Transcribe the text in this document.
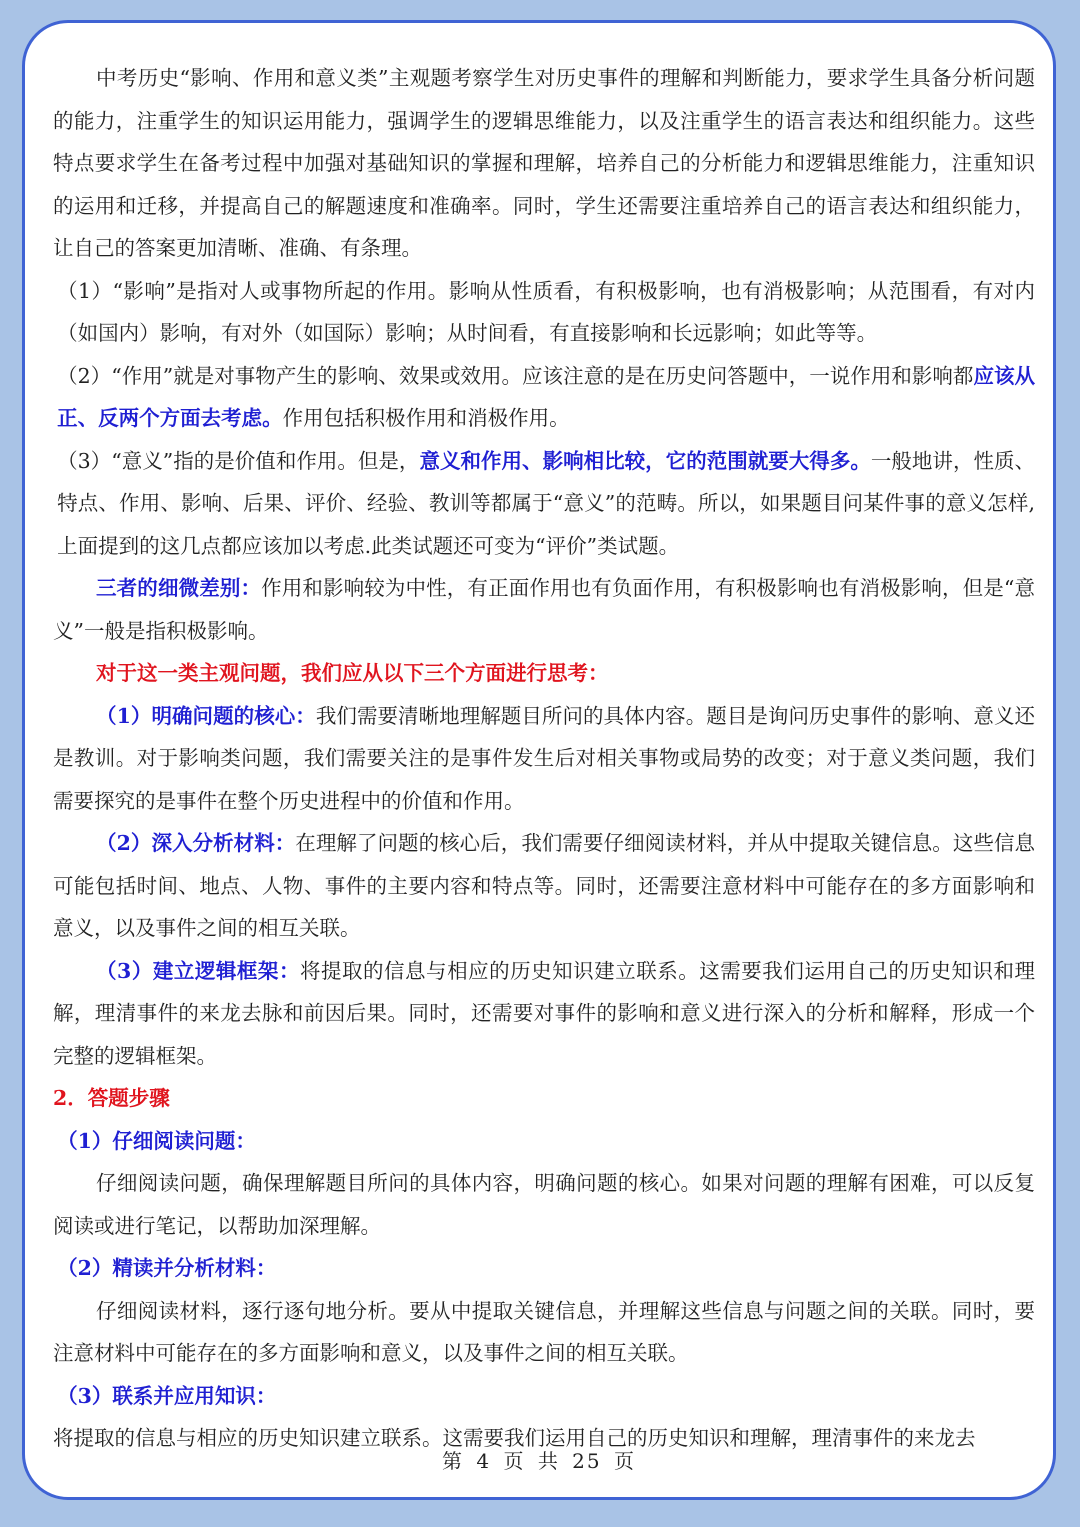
中考历史“影响、作用和意义类”主观题考察学生对历史事件的理解和判断能力，要求学生具备分析问题的能力，注重学生的知识运用能力，强调学生的逻辑思维能力，以及注重学生的语言表达和组织能力。这些特点要求学生在备考过程中加强对基础知识的掌握和理解，培养自己的分析能力和逻辑思维能力，注重知识的运用和迁移，并提高自己的解题速度和准确率。同时，学生还需要注重培养自己的语言表达和组织能力，让自己的答案更加清晰、准确、有条理。

（1）“影响”是指对人或事物所起的作用。影响从性质看，有积极影响，也有消极影响；从范围看，有对内（如国内）影响，有对外（如国际）影响；从时间看，有直接影响和长远影响；如此等等。

（2）“作用”就是对事物产生的影响、效果或效用。应该注意的是在历史问答题中，一说作用和影响都应该从正、反两个方面去考虑。作用包括积极作用和消极作用。

（3）“意义”指的是价值和作用。但是，意义和作用、影响相比较，它的范围就要大得多。一般地讲，性质、特点、作用、影响、后果、评价、经验、教训等都属于“意义”的范畴。所以，如果题目问某件事的意义怎样,上面提到的这几点都应该加以考虑.此类试题还可变为“评价”类试题。

三者的细微差别：作用和影响较为中性，有正面作用也有负面作用，有积极影响也有消极影响，但是“意义”一般是指积极影响。

对于这一类主观问题，我们应从以下三个方面进行思考：

（1）明确问题的核心：我们需要清晰地理解题目所问的具体内容。题目是询问历史事件的影响、意义还是教训。对于影响类问题，我们需要关注的是事件发生后对相关事物或局势的改变；对于意义类问题，我们需要探究的是事件在整个历史进程中的价值和作用。

（2）深入分析材料：在理解了问题的核心后，我们需要仔细阅读材料，并从中提取关键信息。这些信息可能包括时间、地点、人物、事件的主要内容和特点等。同时，还需要注意材料中可能存在的多方面影响和意义，以及事件之间的相互关联。

（3）建立逻辑框架：将提取的信息与相应的历史知识建立联系。这需要我们运用自己的历史知识和理解，理清事件的来龙去脉和前因后果。同时，还需要对事件的影响和意义进行深入的分析和解释，形成一个完整的逻辑框架。

2．答题步骤

（1）仔细阅读问题：

仔细阅读问题，确保理解题目所问的具体内容，明确问题的核心。如果对问题的理解有困难，可以反复阅读或进行笔记，以帮助加深理解。

（2）精读并分析材料：

仔细阅读材料，逐行逐句地分析。要从中提取关键信息，并理解这些信息与问题之间的关联。同时，要注意材料中可能存在的多方面影响和意义，以及事件之间的相互关联。

（3）联系并应用知识：

将提取的信息与相应的历史知识建立联系。这需要我们运用自己的历史知识和理解，理清事件的来龙去

第 4 页 共 25 页
